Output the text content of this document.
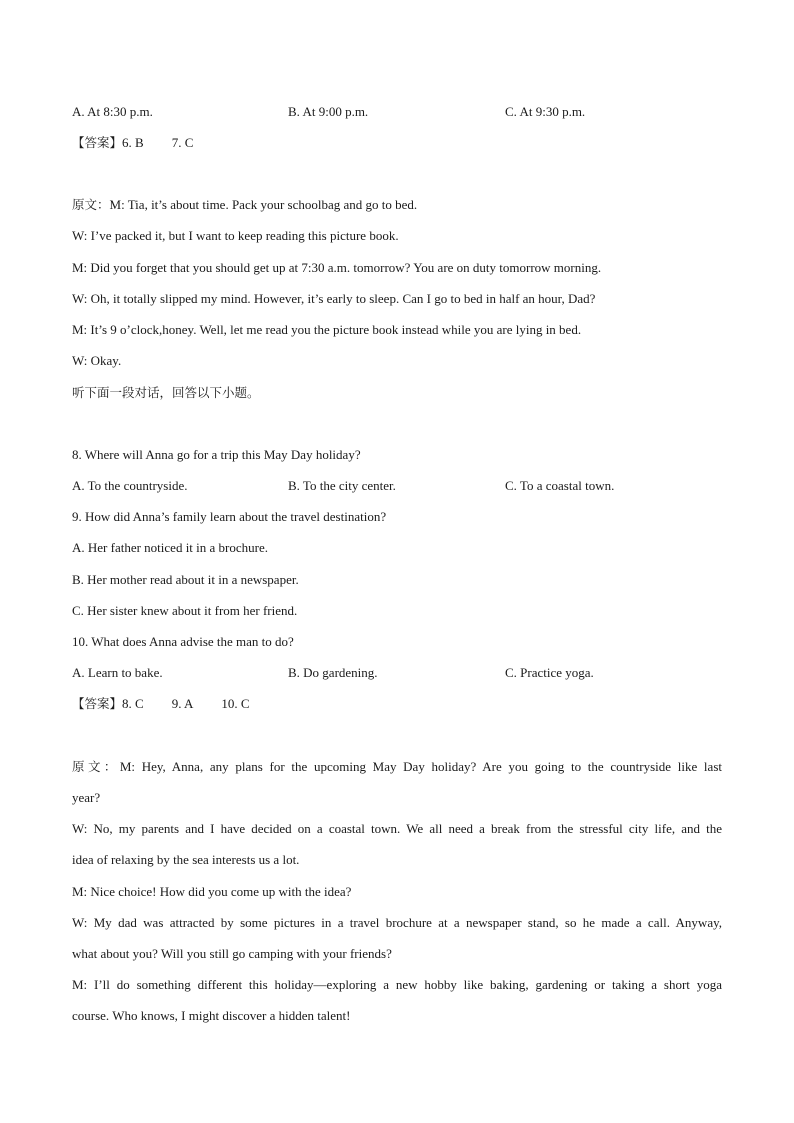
A. At 8:30 p.m.	B. At 9:00 p.m.	C. At 9:30 p.m.
【答案】6. B 7. C
原文：M: Tia, it’s about time. Pack your schoolbag and go to bed.
W: I’ve packed it, but I want to keep reading this picture book.
M: Did you forget that you should get up at 7:30 a.m. tomorrow? You are on duty tomorrow morning.
W: Oh, it totally slipped my mind. However, it’s early to sleep. Can I go to bed in half an hour, Dad?
M: It’s 9 o’clock,honey. Well, let me read you the picture book instead while you are lying in bed.
W: Okay.
听下面一段对话，回答以下小题。
8. Where will Anna go for a trip this May Day holiday?
A. To the countryside.	B. To the city center.	C. To a coastal town.
9. How did Anna’s family learn about the travel destination?
A. Her father noticed it in a brochure.
B. Her mother read about it in a newspaper.
C. Her sister knew about it from her friend.
10. What does Anna advise the man to do?
A. Learn to bake.	B. Do gardening.	C. Practice yoga.
【答案】8. C 9. A 10. C
原文：M: Hey, Anna, any plans for the upcoming May Day holiday? Are you going to the countryside like last
year?
W: No, my parents and I have decided on a coastal town. We all need a break from the stressful city life, and the
idea of relaxing by the sea interests us a lot.
M: Nice choice! How did you come up with the idea?
W: My dad was attracted by some pictures in a travel brochure at a newspaper stand, so he made a call. Anyway,
what about you? Will you still go camping with your friends?
M: I’ll do something different this holiday—exploring a new hobby like baking, gardening or taking a short yoga
course. Who knows, I might discover a hidden talent!
